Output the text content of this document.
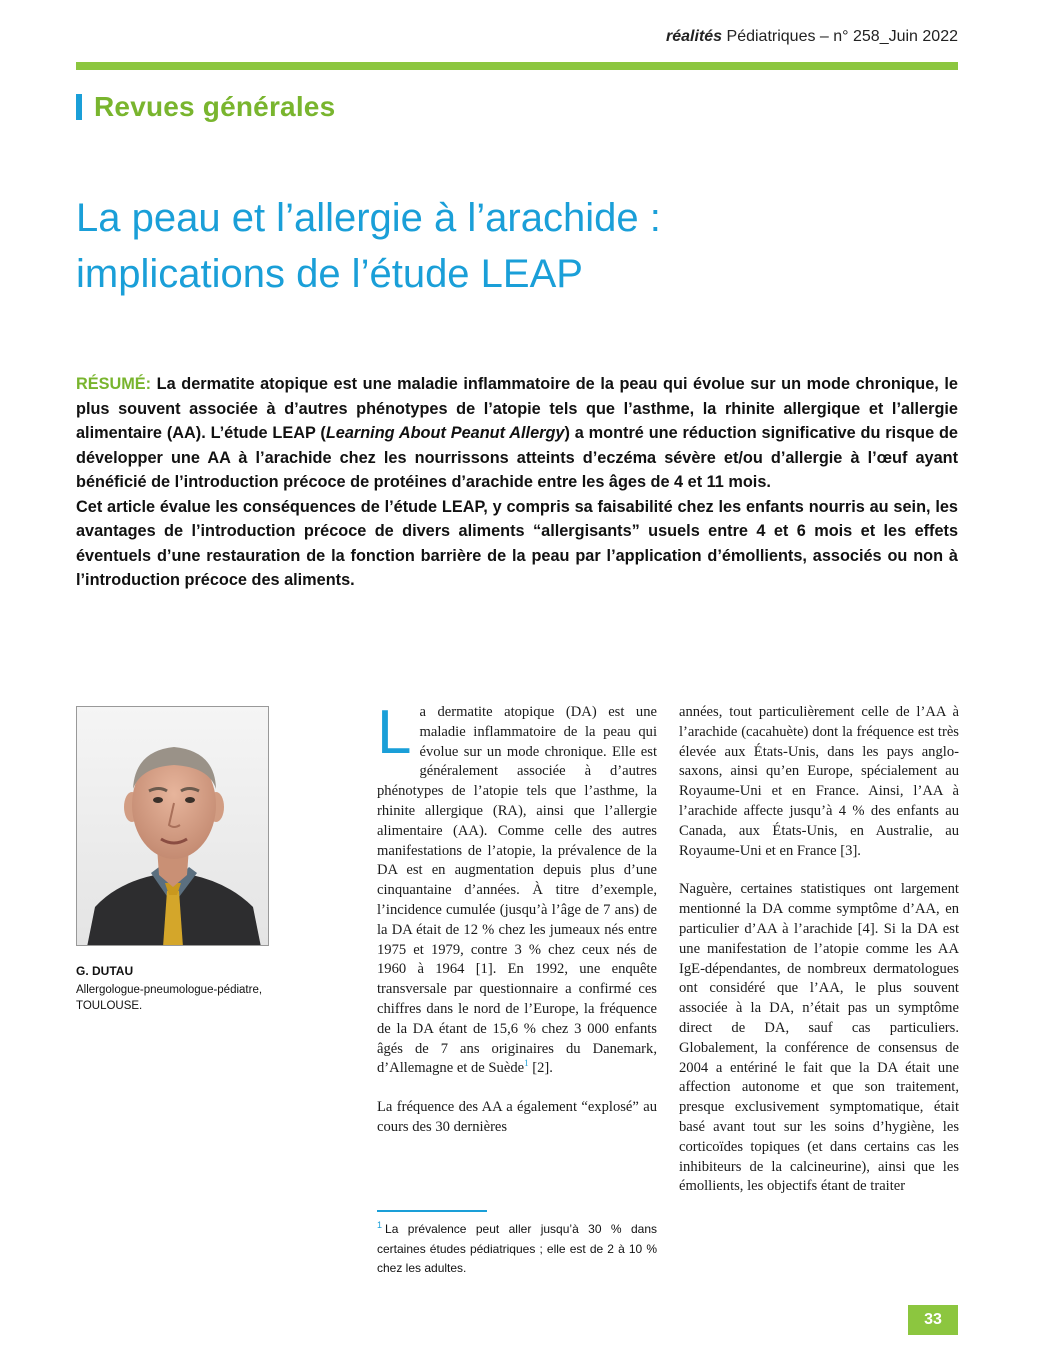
réalités Pédiatriques – n° 258_Juin 2022
Revues générales
La peau et l’allergie à l’arachide :
implications de l’étude LEAP

RÉSUMÉ: La dermatite atopique est une maladie inflammatoire de la peau qui évolue sur un mode chronique, le plus souvent associée à d’autres phénotypes de l’atopie tels que l’asthme, la rhinite allergique et l’allergie alimentaire (AA). L’étude LEAP (Learning About Peanut Allergy) a montré une réduction significative du risque de développer une AA à l’arachide chez les nourrissons atteints d’eczéma sévère et/ou d’allergie à l’œuf ayant bénéficié de l’introduction précoce de protéines d’arachide entre les âges de 4 et 11 mois.

Cet article évalue les conséquences de l’étude LEAP, y compris sa faisabilité chez les enfants nourris au sein, les avantages de l’introduction précoce de divers aliments “allergisants” usuels entre 4 et 6 mois et les effets éventuels d’une restauration de la fonction barrière de la peau par l’application d’émollients, associés ou non à l’introduction précoce des aliments.

G. DUTAU
Allergologue-pneumologue-pédiatre,
TOULOUSE.

La dermatite atopique (DA) est une maladie inflammatoire de la peau qui évolue sur un mode chronique. Elle est généralement associée à d’autres phénotypes de l’atopie tels que l’asthme, la rhinite allergique (RA), ainsi que l’allergie alimentaire (AA). Comme celle des autres manifestations de l’atopie, la prévalence de la DA est en augmentation depuis plus d’une cinquantaine d’années. À titre d’exemple, l’incidence cumulée (jusqu’à l’âge de 7 ans) de la DA était de 12 % chez les jumeaux nés entre 1975 et 1979, contre 3 % chez ceux nés de 1960 à 1964 [1]. En 1992, une enquête transversale par questionnaire a confirmé ces chiffres dans le nord de l’Europe, la fréquence de la DA étant de 15,6 % chez 3 000 enfants âgés de 7 ans originaires du Danemark, d’Allemagne et de Suède$^1$ [2].

La fréquence des AA a également “explosé” au cours des 30 dernières

$^1$ La prévalence peut aller jusqu’à 30 % dans certaines études pédiatriques ; elle est de 2 à 10 % chez les adultes.

années, tout particulièrement celle de l’AA à l’arachide (cacahuète) dont la fréquence est très élevée aux États-Unis, dans les pays anglo-saxons, ainsi qu’en Europe, spécialement au Royaume-Uni et en France. Ainsi, l’AA à l’arachide affecte jusqu’à 4 % des enfants au Canada, aux États-Unis, en Australie, au Royaume-Uni et en France [3].

Naguère, certaines statistiques ont largement mentionné la DA comme symptôme d’AA, en particulier d’AA à l’arachide [4]. Si la DA est une manifestation de l’atopie comme les AA IgE-dépendantes, de nombreux dermatologues ont considéré que l’AA, le plus souvent associée à la DA, n’était pas un symptôme direct de DA, sauf cas particuliers. Globalement, la conférence de consensus de 2004 a entériné le fait que la DA était une affection autonome et que son traitement, presque exclusivement symptomatique, était basé avant tout sur les soins d’hygiène, les corticoïdes topiques (et dans certains cas les inhibiteurs de la calcineurine), ainsi que les émollients, les objectifs étant de traiter

33
